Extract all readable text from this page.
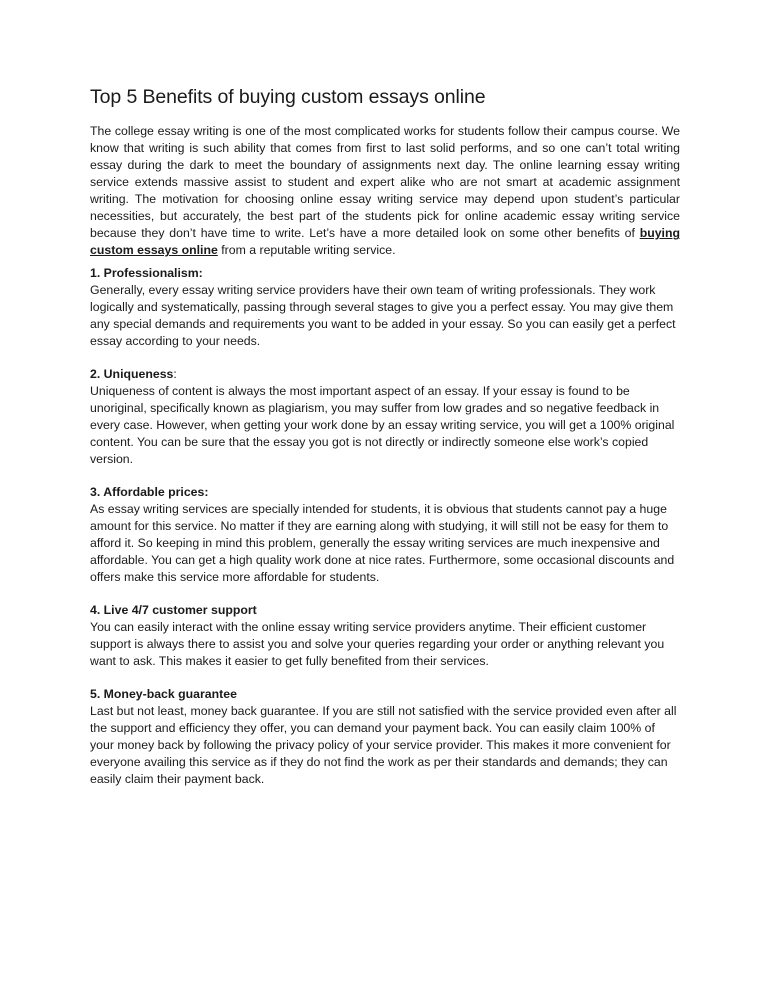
Top 5 Benefits of buying custom essays online

The college essay writing is one of the most complicated works for students follow their campus course. We know that writing is such ability that comes from first to last solid performs, and so one can’t total writing essay during the dark to meet the boundary of assignments next day. The online learning essay writing service extends massive assist to student and expert alike who are not smart at academic assignment writing. The motivation for choosing online essay writing service may depend upon student’s particular necessities, but accurately, the best part of the students pick for online academic essay writing service because they don’t have time to write. Let’s have a more detailed look on some other benefits of buying custom essays online from a reputable writing service.

1. Professionalism:

Generally, every essay writing service providers have their own team of writing professionals. They work logically and systematically, passing through several stages to give you a perfect essay. You may give them any special demands and requirements you want to be added in your essay. So you can easily get a perfect essay according to your needs.

2. Uniqueness:

Uniqueness of content is always the most important aspect of an essay. If your essay is found to be unoriginal, specifically known as plagiarism, you may suffer from low grades and so negative feedback in every case. However, when getting your work done by an essay writing service, you will get a 100% original content. You can be sure that the essay you got is not directly or indirectly someone else work’s copied version.

3. Affordable prices:

As essay writing services are specially intended for students, it is obvious that students cannot pay a huge amount for this service. No matter if they are earning along with studying, it will still not be easy for them to afford it. So keeping in mind this problem, generally the essay writing services are much inexpensive and affordable. You can get a high quality work done at nice rates. Furthermore, some occasional discounts and offers make this service more affordable for students.

4. Live 4/7 customer support

You can easily interact with the online essay writing service providers anytime. Their efficient customer support is always there to assist you and solve your queries regarding your order or anything relevant you want to ask. This makes it easier to get fully benefited from their services.

5. Money-back guarantee

Last but not least, money back guarantee. If you are still not satisfied with the service provided even after all the support and efficiency they offer, you can demand your payment back. You can easily claim 100% of your money back by following the privacy policy of your service provider. This makes it more convenient for everyone availing this service as if they do not find the work as per their standards and demands; they can easily claim their payment back.
